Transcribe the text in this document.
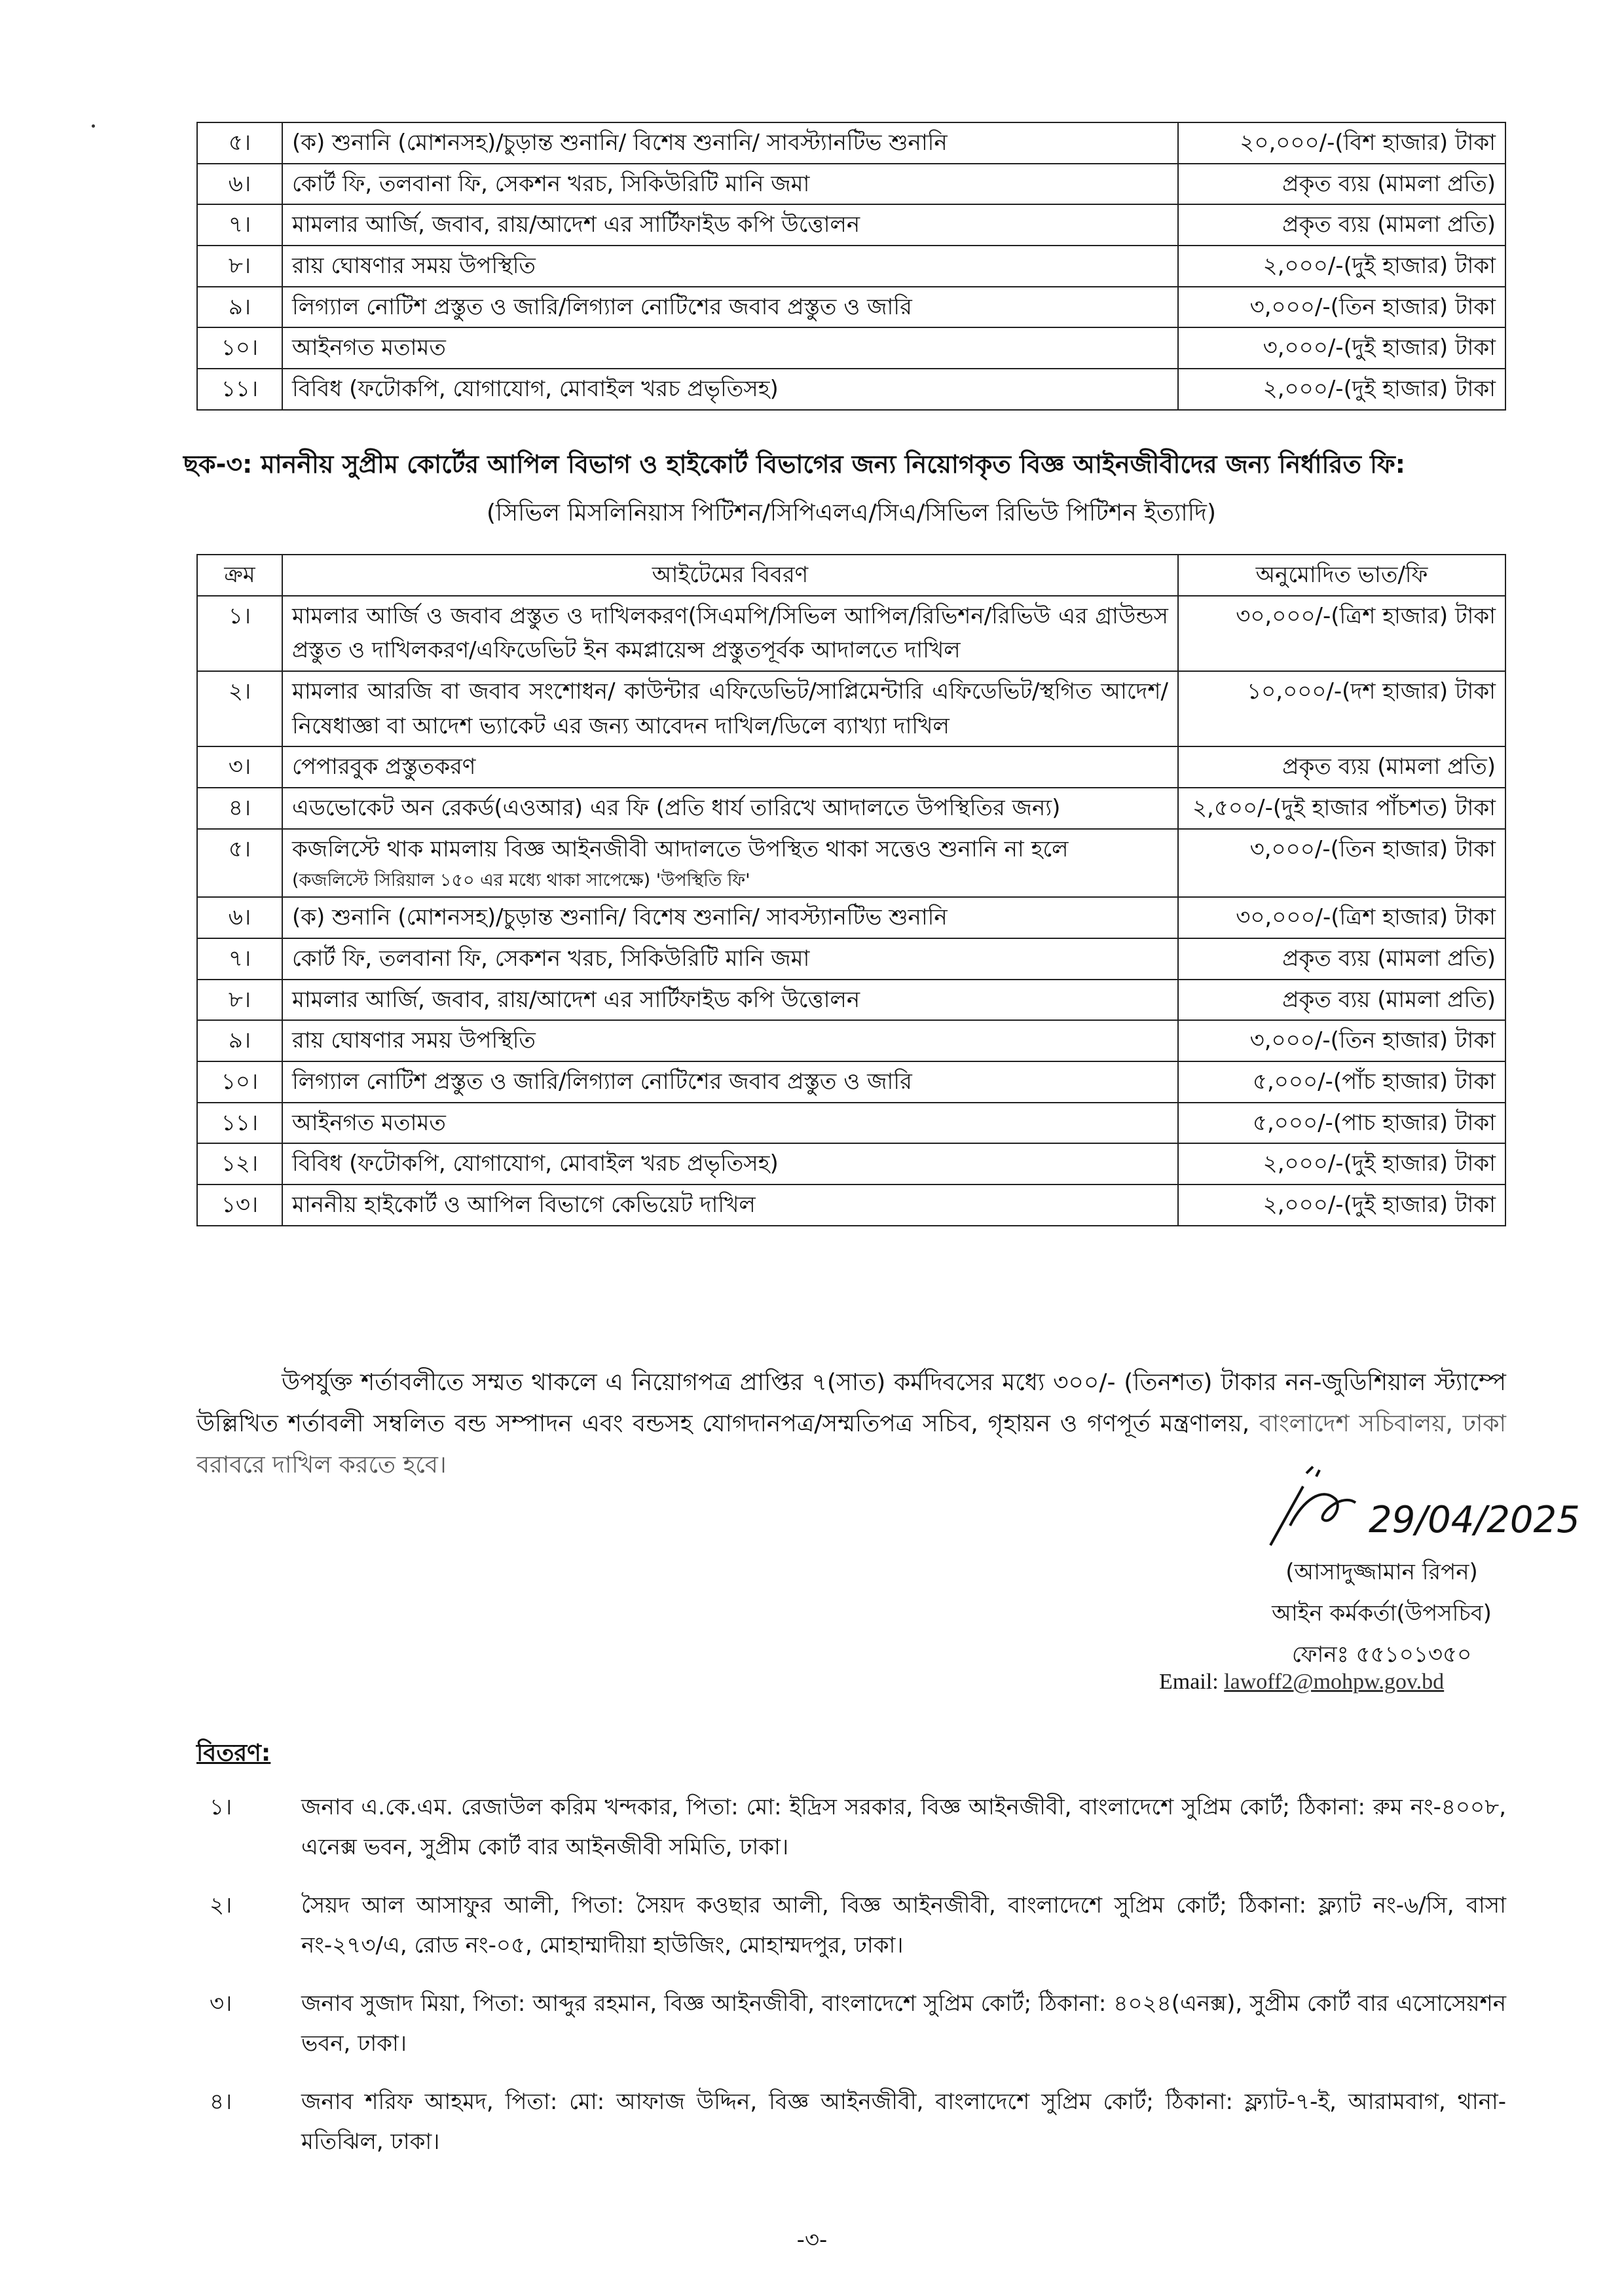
৫।	(ক) শুনানি (মোশনসহ)/চুড়ান্ত শুনানি/ বিশেষ শুনানি/ সাবস্ট্যানটিভ শুনানি	২০,০০০/-(বিশ হাজার) টাকা
৬।	কোর্ট ফি, তলবানা ফি, সেকশন খরচ, সিকিউরিটি মানি জমা	প্রকৃত ব্যয় (মামলা প্রতি)
৭।	মামলার আর্জি, জবাব, রায়/আদেশ এর সার্টিফাইড কপি উত্তোলন	প্রকৃত ব্যয় (মামলা প্রতি)
৮।	রায় ঘোষণার সময় উপস্থিতি	২,০০০/-(দুই হাজার) টাকা
৯।	লিগ্যাল নোটিশ প্রস্তুত ও জারি/লিগ্যাল নোটিশের জবাব প্রস্তুত ও জারি	৩,০০০/-(তিন হাজার) টাকা
১০।	আইনগত মতামত	৩,০০০/-(দুই হাজার) টাকা
১১।	বিবিধ (ফটোকপি, যোগাযোগ, মোবাইল খরচ প্রভৃতিসহ)	২,০০০/-(দুই হাজার) টাকা
ছক-৩: মাননীয় সুপ্রীম কোর্টের আপিল বিভাগ ও হাইকোর্ট বিভাগের জন্য নিয়োগকৃত বিজ্ঞ আইনজীবীদের জন্য নির্ধারিত ফি:
(সিভিল মিসলিনিয়াস পিটিশন/সিপিএলএ/সিএ/সিভিল রিভিউ পিটিশন ইত্যাদি)
ক্রম	আইটেমের বিবরণ	অনুমোদিত ভাত/ফি
১।	মামলার আর্জি ও জবাব প্রস্তুত ও দাখিলকরণ(সিএমপি/সিভিল আপিল/রিভিশন/রিভিউ এর গ্রাউন্ডস প্রস্তুত ও দাখিলকরণ/এফিডেভিট ইন কমপ্লায়েন্স প্রস্তুতপূর্বক আদালতে দাখিল	৩০,০০০/-(ত্রিশ হাজার) টাকা
২।	মামলার আরজি বা জবাব সংশোধন/ কাউন্টার এফিডেভিট/সাপ্লিমেন্টারি এফিডেভিট/স্থগিত আদেশ/নিষেধাজ্ঞা বা আদেশ ভ্যাকেট এর জন্য আবেদন দাখিল/ডিলে ব্যাখ্যা দাখিল	১০,০০০/-(দশ হাজার) টাকা
৩।	পেপারবুক প্রস্তুতকরণ	প্রকৃত ব্যয় (মামলা প্রতি)
৪।	এডভোকেট অন রেকর্ড(এওআর) এর ফি (প্রতি ধার্য তারিখে আদালতে উপস্থিতির জন্য)	২,৫০০/-(দুই হাজার পাঁচশত) টাকা
৫।	কজলিস্টে থাক মামলায় বিজ্ঞ আইনজীবী আদালতে উপস্থিত থাকা সত্তেও শুনানি না হলে
(কজলিস্টে সিরিয়াল ১৫০ এর মধ্যে থাকা সাপেক্ষে) 'উপস্থিতি ফি'	৩,০০০/-(তিন হাজার) টাকা
৬।	(ক) শুনানি (মোশনসহ)/চুড়ান্ত শুনানি/ বিশেষ শুনানি/ সাবস্ট্যানটিভ শুনানি	৩০,০০০/-(ত্রিশ হাজার) টাকা
৭।	কোর্ট ফি, তলবানা ফি, সেকশন খরচ, সিকিউরিটি মানি জমা	প্রকৃত ব্যয় (মামলা প্রতি)
৮।	মামলার আর্জি, জবাব, রায়/আদেশ এর সার্টিফাইড কপি উত্তোলন	প্রকৃত ব্যয় (মামলা প্রতি)
৯।	রায় ঘোষণার সময় উপস্থিতি	৩,০০০/-(তিন হাজার) টাকা
১০।	লিগ্যাল নোটিশ প্রস্তুত ও জারি/লিগ্যাল নোটিশের জবাব প্রস্তুত ও জারি	৫,০০০/-(পাঁচ হাজার) টাকা
১১।	আইনগত মতামত	৫,০০০/-(পাচ হাজার) টাকা
১২।	বিবিধ (ফটোকপি, যোগাযোগ, মোবাইল খরচ প্রভৃতিসহ)	২,০০০/-(দুই হাজার) টাকা
১৩।	মাননীয় হাইকোর্ট ও আপিল বিভাগে কেভিয়েট দাখিল	২,০০০/-(দুই হাজার) টাকা
উপর্যুক্ত শর্তাবলীতে সম্মত থাকলে এ নিয়োগপত্র প্রাপ্তির ৭(সাত) কর্মদিবসের মধ্যে ৩০০/- (তিনশত) টাকার নন-জুডিশিয়াল স্ট্যাম্পে উল্লিখিত শর্তাবলী সম্বলিত বন্ড সম্পাদন এবং বন্ডসহ যোগদানপত্র/সম্মতিপত্র সচিব, গৃহায়ন ও গণপূর্ত মন্ত্রণালয়, বাংলাদেশ সচিবালয়, ঢাকা বরাবরে দাখিল করতে হবে।
29/04/2025
(আসাদুজ্জামান রিপন)
আইন কর্মকর্তা(উপসচিব)
ফোনঃ ৫৫১০১৩৫০
Email: lawoff2@mohpw.gov.bd
বিতরণ:
১।	জনাব এ.কে.এম. রেজাউল করিম খন্দকার, পিতা: মো: ইদ্রিস সরকার, বিজ্ঞ আইনজীবী, বাংলাদেশে সুপ্রিম কোর্ট; ঠিকানা: রুম নং-৪০০৮, এনেক্স ভবন, সুপ্রীম কোর্ট বার আইনজীবী সমিতি, ঢাকা।
২।	সৈয়দ আল আসাফুর আলী, পিতা: সৈয়দ কওছার আলী, বিজ্ঞ আইনজীবী, বাংলাদেশে সুপ্রিম কোর্ট; ঠিকানা: ফ্ল্যাট নং-৬/সি, বাসা নং-২৭৩/এ, রোড নং-০৫, মোহাম্মাদীয়া হাউজিং, মোহাম্মদপুর, ঢাকা।
৩।	জনাব সুজাদ মিয়া, পিতা: আব্দুর রহমান, বিজ্ঞ আইনজীবী, বাংলাদেশে সুপ্রিম কোর্ট; ঠিকানা: ৪০২৪(এনক্স), সুপ্রীম কোর্ট বার এসোসেয়শন ভবন, ঢাকা।
৪।	জনাব শরিফ আহমদ, পিতা: মো: আফাজ উদ্দিন, বিজ্ঞ আইনজীবী, বাংলাদেশে সুপ্রিম কোর্ট; ঠিকানা: ফ্ল্যাট-৭-ই, আরামবাগ, থানা-মতিঝিল, ঢাকা।
-৩-
